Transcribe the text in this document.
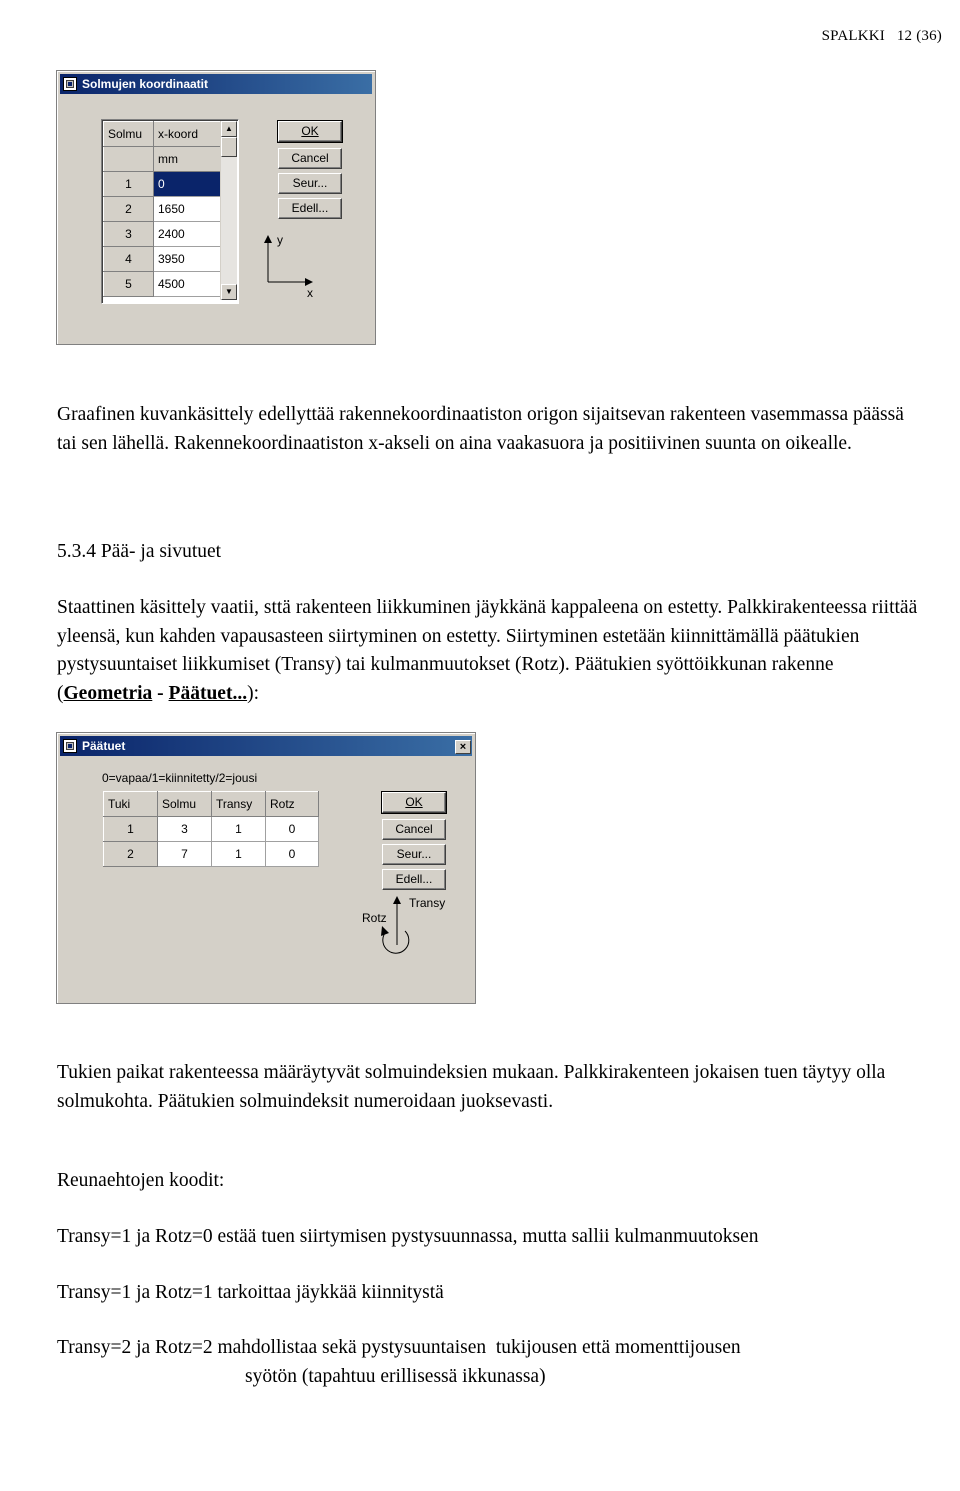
SPALKKI   12 (36)
Solmujen koordinaatit
Solmu	x-koord
	mm
1	0
2	1650
3	2400
4	3950
5	4500
▲
▼
OK
Cancel
Seur...
Edell...
y
x

Graafinen kuvankäsittely edellyttää rakennekoordinaatiston origon sijaitsevan rakenteen vasemmassa päässä tai sen lähellä. Rakennekoordinaatiston x-akseli on aina vaakasuora ja positiivinen suunta on oikealle.

5.3.4 Pää- ja sivutuet

Staattinen käsittely vaatii, sttä rakenteen liikkuminen jäykkänä kappaleena on estetty. Palkkirakenteessa riittää yleensä, kun kahden vapausasteen siirtyminen on estetty. Siirtyminen estetään kiinnittämällä päätukien pystysuuntaiset liikkumiset (Transy) tai kulmanmuutokset (Rotz). Päätukien syöttöikkunan rakenne (Geometria - Päätuet...):

Päätuet	×
0=vapaa/1=kiinnitetty/2=jousi
Tuki	Solmu	Transy	Rotz
1	3	1	0
2	7	1	0
OK
Cancel
Seur...
Edell...
Transy
Rotz

Tukien paikat rakenteessa määräytyvät solmuindeksien mukaan. Palkkirakenteen jokaisen tuen täytyy olla solmukohta. Päätukien solmuindeksit numeroidaan juoksevasti.

Reunaehtojen koodit:
Transy=1 ja Rotz=0 estää tuen siirtymisen pystysuunnassa, mutta sallii kulmanmuutoksen
Transy=1 ja Rotz=1 tarkoittaa jäykkää kiinnitystä
Transy=2 ja Rotz=2 mahdollistaa sekä pystysuuntaisen  tukijousen että momenttijousen
syötön (tapahtuu erillisessä ikkunassa)
